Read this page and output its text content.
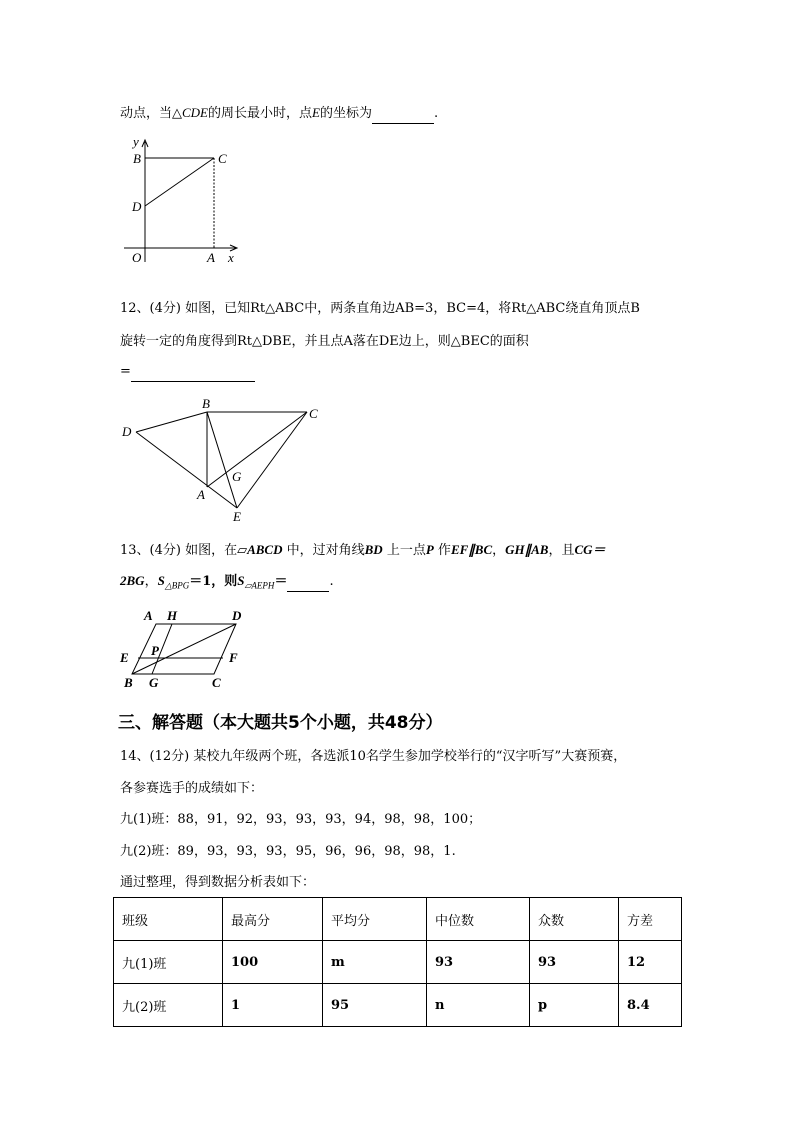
动点，当△CDE的周长最小时，点E的坐标为	.
y
B	C
D
O	A x
12、(4分) 如图，已知Rt△ABC中，两条直角边AB=3，BC=4，将Rt△ABC绕直角顶点B
旋转一定的角度得到Rt△DBE，并且点A落在DE边上，则△BEC的面积
=
B
C
D
G
A
E
13、(4分) 如图，在▱ABCD 中，过对角线BD 上一点P 作EF∥BC，GH∥AB，且CG＝
2BG，$S_{\triangle BPG}=1$，则$S_{▱AEPH}=$	.
A H	D
E P	F
B G	C
三、解答题（本大题共5个小题，共48分）
14、(12分) 某校九年级两个班，各选派10名学生参加学校举行的“汉字听写”大赛预赛，
各参赛选手的成绩如下：
九(1)班：88，91，92，93，93，93，94，98，98，100；
九(2)班：89，93，93，93，95，96，96，98，98，1.
通过整理，得到数据分析表如下：
班级	最高分	平均分	中位数	众数	方差
九(1)班	100	m	93	93	12
九(2)班	1	95	n	p	8.4
